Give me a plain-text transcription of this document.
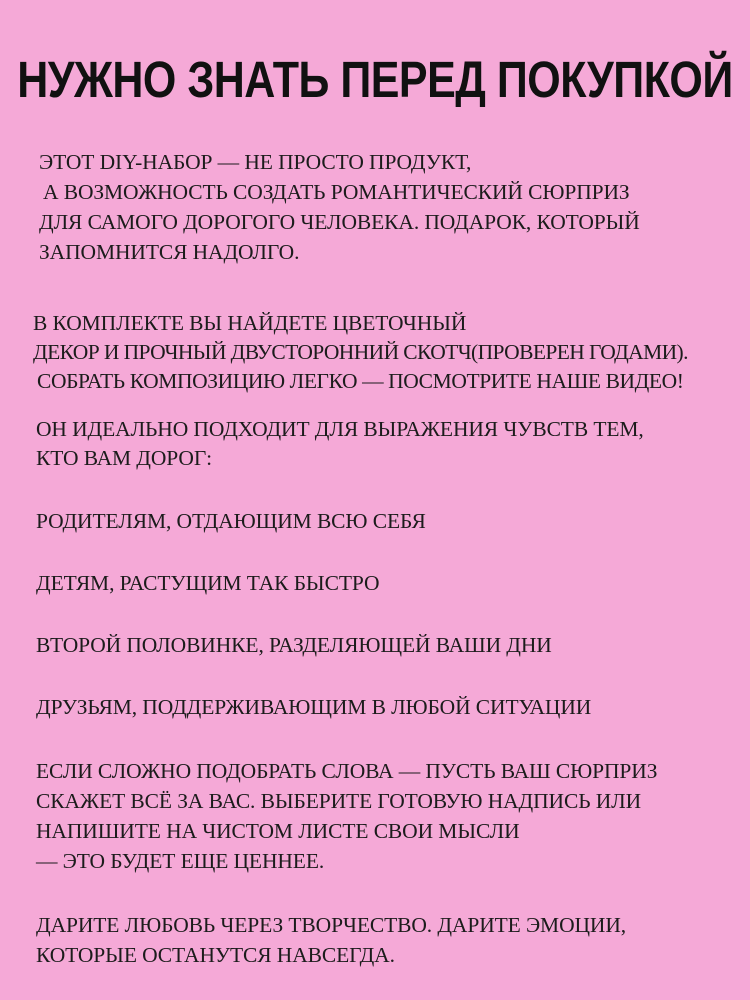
НУЖНО ЗНАТЬ ПЕРЕД ПОКУПКОЙ
ЭТОТ DIY-НАБОР — НЕ ПРОСТО ПРОДУКТ,
А ВОЗМОЖНОСТЬ СОЗДАТЬ РОМАНТИЧЕСКИЙ СЮРПРИЗ
ДЛЯ САМОГО ДОРОГОГО ЧЕЛОВЕКА. ПОДАРОК, КОТОРЫЙ
ЗАПОМНИТСЯ НАДОЛГО.
В КОМПЛЕКТЕ ВЫ НАЙДЕТЕ ЦВЕТОЧНЫЙ
ДЕКОР И ПРОЧНЫЙ ДВУСТОРОННИЙ СКОТЧ(ПРОВЕРЕН ГОДАМИ).
СОБРАТЬ КОМПОЗИЦИЮ ЛЕГКО — ПОСМОТРИТЕ НАШЕ ВИДЕО!
ОН ИДЕАЛЬНО ПОДХОДИТ ДЛЯ ВЫРАЖЕНИЯ ЧУВСТВ ТЕМ,
КТО ВАМ ДОРОГ:
РОДИТЕЛЯМ, ОТДАЮЩИМ ВСЮ СЕБЯ
ДЕТЯМ, РАСТУЩИМ ТАК БЫСТРО
ВТОРОЙ ПОЛОВИНКЕ, РАЗДЕЛЯЮЩЕЙ ВАШИ ДНИ
ДРУЗЬЯМ, ПОДДЕРЖИВАЮЩИМ В ЛЮБОЙ СИТУАЦИИ
ЕСЛИ СЛОЖНО ПОДОБРАТЬ СЛОВА — ПУСТЬ ВАШ СЮРПРИЗ
СКАЖЕТ ВСЁ ЗА ВАС. ВЫБЕРИТЕ ГОТОВУЮ НАДПИСЬ ИЛИ
НАПИШИТЕ НА ЧИСТОМ ЛИСТЕ СВОИ МЫСЛИ
— ЭТО БУДЕТ ЕЩЕ ЦЕННЕЕ.
ДАРИТЕ ЛЮБОВЬ ЧЕРЕЗ ТВОРЧЕСТВО. ДАРИТЕ ЭМОЦИИ,
КОТОРЫЕ ОСТАНУТСЯ НАВСЕГДА.
